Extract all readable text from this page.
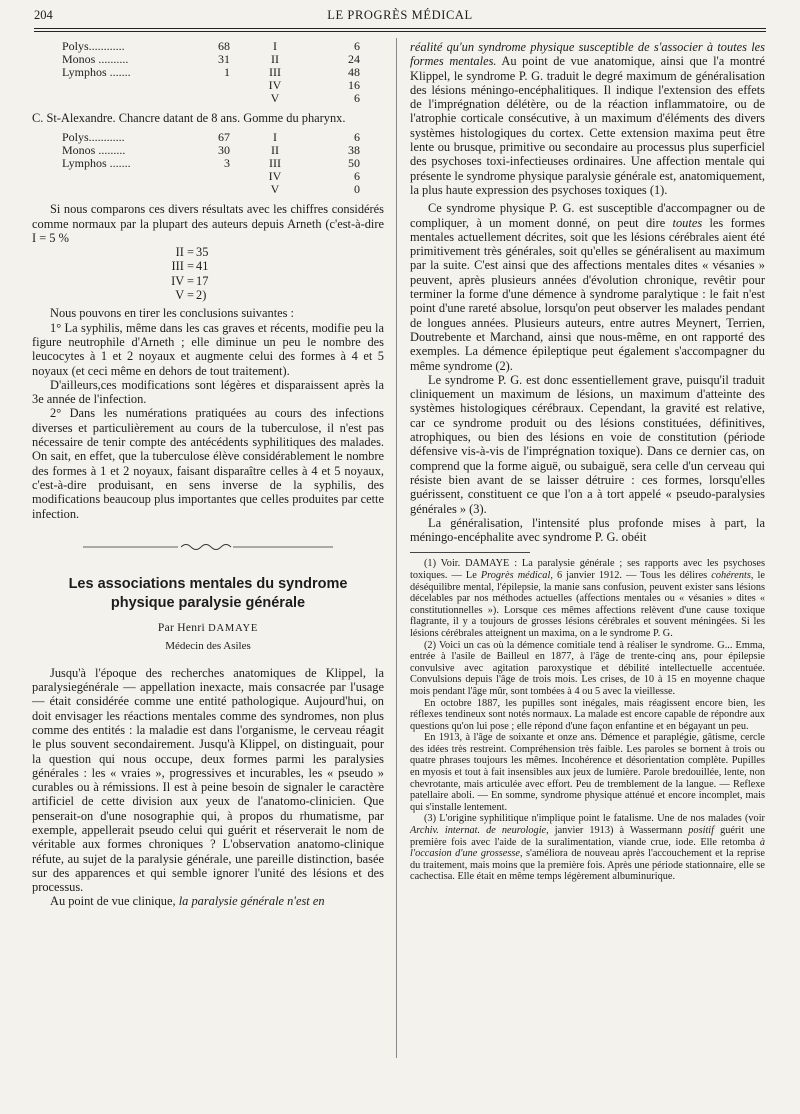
204	LE PROGRÈS MÉDICAL
Polys............	68	I	6
Monos ..........	31	II	24
Lymphos .......	1	III	48
		IV	16
		V	6

C. St-Alexandre. Chancre datant de 8 ans. Gomme du pharynx.

Polys............	67	I	6
Monos .........	30	II	38
Lymphos .......	3	III	50
		IV	6
		V	0

Si nous comparons ces divers résultats avec les chiffres considérés comme normaux par la plupart des auteurs depuis Arneth (c'est-à-dire I = 5 %

II =	35
III =	41
IV =	17
V =	2)

Nous pouvons en tirer les conclusions suivantes :

1° La syphilis, même dans les cas graves et récents, modifie peu la figure neutrophile d'Arneth ; elle diminue un peu le nombre des leucocytes à 1 et 2 noyaux et augmente celui des formes à 4 et 5 noyaux (et ceci même en dehors de tout traitement).

D'ailleurs,ces modifications sont légères et disparaissent après la 3e année de l'infection.

2° Dans les numérations pratiquées au cours des infections diverses et particulièrement au cours de la tuberculose, il n'est pas nécessaire de tenir compte des antécédents syphilitiques des malades. On sait, en effet, que la tuberculose élève considérablement le nombre des formes à 1 et 2 noyaux, faisant disparaître celles à 4 et 5 noyaux, c'est-à-dire produisant, en sens inverse de la syphilis, des modifications beaucoup plus importantes que celles produites par cette infection.

Les associations mentales du syndrome
physique paralysie générale
Par Henri DAMAYE
Médecin des Asiles

Jusqu'à l'époque des recherches anatomiques de Klippel, la paralysiegénérale — appellation inexacte, mais consacrée par l'usage— était considérée comme une entité pathologique. Aujourd'hui, on doit envisager les réactions mentales comme des syndromes, non plus comme des entités : la maladie est dans l'organisme, le cerveau réagit le plus souvent secondairement. Jusqu'à Klippel, on distinguait, pour la question qui nous occupe, deux formes parmi les paralysies générales : les « vraies », progressives et incurables, les « pseudo » curables ou à rémissions. Il est à peine besoin de signaler le caractère artificiel de cette division aux yeux de l'anatomo-clinicien. Que penserait-on d'une nosographie qui, à propos du rhumatisme, par exemple, appellerait pseudo celui qui guérit et réserverait le nom de véritable aux formes chroniques ? L'observation anatomo-clinique réfute, au sujet de la paralysie générale, une pareille distinction, basée sur des apparences et qui semble ignorer l'unité des lésions et des processus.

Au point de vue clinique, la paralysie générale n'est en

réalité qu'un syndrome physique susceptible de s'associer à toutes les formes mentales. Au point de vue anatomique, ainsi que l'a montré Klippel, le syndrome P. G. traduit le degré maximum de généralisation des lésions méningo-encéphalitiques. Il indique l'extension des effets de l'imprégnation délétère, ou de la réaction inflammatoire, ou de l'atrophie corticale consécutive, à un maximum d'éléments des divers systèmes histologiques du cortex. Cette extension maxima peut être lente ou brusque, primitive ou secondaire au processus plus superficiel des psychoses toxi-infectieuses ordinaires. Une affection mentale qui présente le syndrome physique paralysie générale est, anatomiquement, la plus haute expression des psychoses toxiques (1).

Ce syndrome physique P. G. est susceptible d'accompagner ou de compliquer, à un moment donné, on peut dire toutes les formes mentales actuellement décrites, soit que les lésions cérébrales aient été primitivement très générales, soit qu'elles se généralisent au maximum par la suite. C'est ainsi que des affections mentales dites « vésanies » peuvent, après plusieurs années d'évolution chronique, revêtir pour terminer la forme d'une démence à syndrome paralytique : le fait n'est point d'une rareté absolue, lorsqu'on peut observer les malades pendant de longues années. Plusieurs auteurs, entre autres Meynert, Terrien, Doutrebente et Marchand, ainsi que nous-même, en ont rapporté des exemples. La démence épileptique peut également s'accompagner du même syndrome (2).

Le syndrome P. G. est donc essentiellement grave, puisqu'il traduit cliniquement un maximum de lésions, un maximum d'atteinte des systèmes histologiques cérébraux. Cependant, la gravité est relative, car ce syndrome produit ou des lésions constituées, définitives, atrophiques, ou bien des lésions en voie de constitution (période défensive vis-à-vis de l'imprégnation toxique). Dans ce dernier cas, on comprend que la forme aiguë, ou subaiguë, sera celle d'un cerveau qui résiste bien avant de se laisser détruire : ces formes, lorsqu'elles guérissent, constituent ce que l'on a à tort appelé « pseudo-paralysies générales » (3).

La généralisation, l'intensité plus profonde mises à part, la méningo-encéphalite avec syndrome P. G. obéit

(1) Voir. DAMAYE : La paralysie générale ; ses rapports avec les psychoses toxiques. — Le Progrès médical, 6 janvier 1912. — Tous les délires cohérents, le déséquilibre mental, l'épilepsie, la manie sans confusion, peuvent exister sans lésions décelables par nos méthodes actuelles (affections mentales ou « vésanies » dites « constitutionnelles »). Lorsque ces mêmes affections relèvent d'une cause toxique flagrante, il y a toujours de grosses lésions cérébrales et souvent méningées. Si les lésions cérébrales atteignent un maxima, on a le syndrome P. G.

(2) Voici un cas où la démence comitiale tend à réaliser le syndrome. G... Emma, entrée à l'asile de Bailleul en 1877, à l'âge de trente-cinq ans, pour épilepsie convulsive avec agitation paroxystique et débilité intellectuelle accentuée. Convulsions depuis l'âge de trois mois. Les crises, de 10 à 15 en moyenne chaque mois pendant l'âge mûr, sont tombées à 4 ou 5 avec la vieillesse.

En octobre 1887, les pupilles sont inégales, mais réagissent encore bien, les réflexes tendineux sont notés normaux. La malade est encore capable de répondre aux questions qu'on lui pose ; elle répond d'une façon enfantine et en bégayant un peu.

En 1913, à l'âge de soixante et onze ans. Démence et paraplégie, gâtisme, cercle des idées très restreint. Compréhension très faible. Les paroles se bornent à trois ou quatre phrases toujours les mêmes. Incohérence et désorientation complète. Pupilles en myosis et tout à fait insensibles aux jeux de lumière. Parole bredouillée, lente, non chevrotante, mais articulée avec effort. Peu de tremblement de la langue. — Reflexe patellaire aboli. — En somme, syndrome physique atténué et encore incomplet, mais qui s'installe lentement.

(3) L'origine syphilitique n'implique point le fatalisme. Une de nos malades (voir Archiv. internat. de neurologie, janvier 1913) à Wassermann positif guérit une première fois avec l'aide de la suralimentation, viande crue, iode. Elle retomba à l'occasion d'une grossesse, s'améliora de nouveau après l'accouchement et la reprise du traitement, mais moins que la première fois. Après une période stationnaire, elle se cachectisa. Elle était en même temps légèrement albuminurique.
